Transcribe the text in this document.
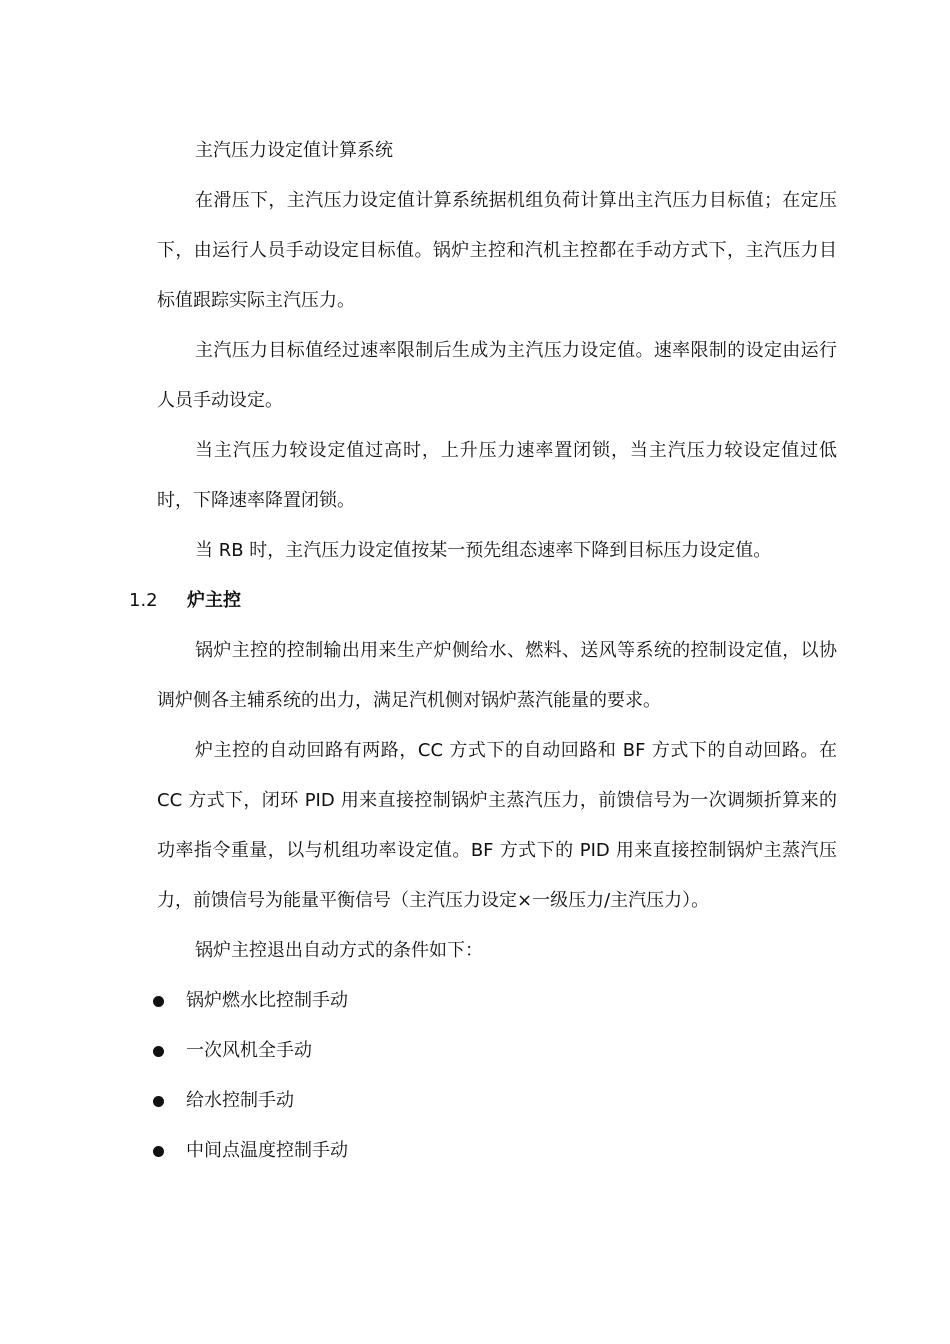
主汽压力设定值计算系统

在滑压下，主汽压力设定值计算系统据机组负荷计算出主汽压力目标值；在定压下，由运行人员手动设定目标值。锅炉主控和汽机主控都在手动方式下，主汽压力目标值跟踪实际主汽压力。

主汽压力目标值经过速率限制后生成为主汽压力设定值。速率限制的设定由运行人员手动设定。

当主汽压力较设定值过高时，上升压力速率置闭锁，当主汽压力较设定值过低时，下降速率降置闭锁。

当 RB 时，主汽压力设定值按某一预先组态速率下降到目标压力设定值。

1.2 炉主控

锅炉主控的控制输出用来生产炉侧给水、燃料、送风等系统的控制设定值，以协调炉侧各主辅系统的出力，满足汽机侧对锅炉蒸汽能量的要求。

炉主控的自动回路有两路，CC 方式下的自动回路和 BF 方式下的自动回路。在 CC 方式下，闭环 PID 用来直接控制锅炉主蒸汽压力，前馈信号为一次调频折算来的功率指令重量，以与机组功率设定值。BF 方式下的 PID 用来直接控制锅炉主蒸汽压力，前馈信号为能量平衡信号（主汽压力设定×一级压力/主汽压力）。

锅炉主控退出自动方式的条件如下：

锅炉燃水比控制手动
一次风机全手动
给水控制手动
中间点温度控制手动
